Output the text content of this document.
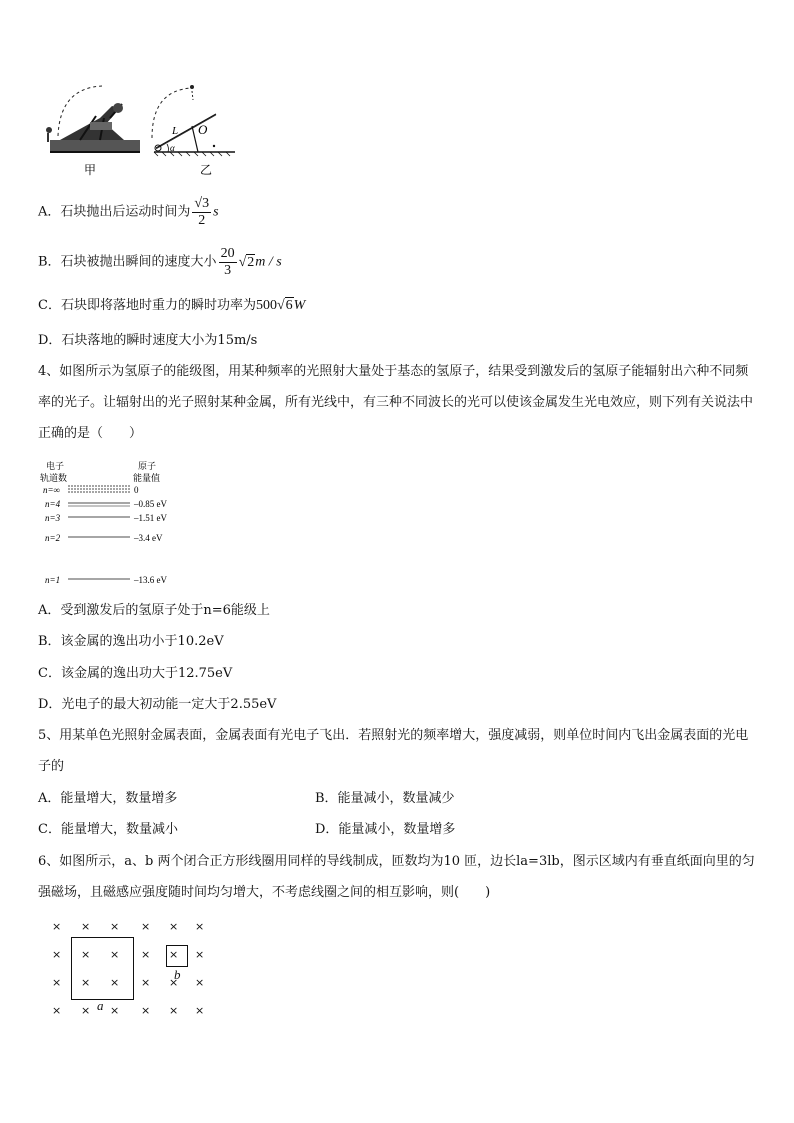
L O
α
甲	乙
A．石块抛出后运动时间为 $\frac{√3}{2}$ s
B．石块被抛出瞬间的速度大小 $\frac{20}{3} √2m$ / s
C．石块即将落地时重力的瞬时功率为500√6W
D．石块落地的瞬时速度大小为15m/s
4、如图所示为氢原子的能级图，用某种频率的光照射大量处于基态的氢原子，结果受到激发后的氢原子能辐射出六种不同频率的光子。让辐射出的光子照射某种金属，所有光线中，有三种不同波长的光可以使该金属发生光电效应，则下列有关说法中正确的是（　　）
电子
轨道数
原子
能量值
n=∞	0
n=4	–0.85 eV
n=3	–1.51 eV
n=2	–3.4 eV
n=1	–13.6 eV
A．受到激发后的氢原子处于n=6能级上
B．该金属的逸出功小于10.2eV
C．该金属的逸出功大于12.75eV
D．光电子的最大初动能一定大于2.55eV
5、用某单色光照射金属表面，金属表面有光电子飞出．若照射光的频率增大，强度减弱，则单位时间内飞出金属表面的光电子的
A．能量增大，数量增多	B．能量减小，数量减少
C．能量增大，数量减小	D．能量减小，数量增多
6、如图所示，a、b 两个闭合正方形线圈用同样的导线制成，匝数均为10 匝，边长la=3lb，图示区域内有垂直纸面向里的匀强磁场，且磁感应强度随时间均匀增大，不考虑线圈之间的相互影响，则(　　)
× × × × × ×
× × × × × ×
× × × × × ×
× × × × × ×
a
b
